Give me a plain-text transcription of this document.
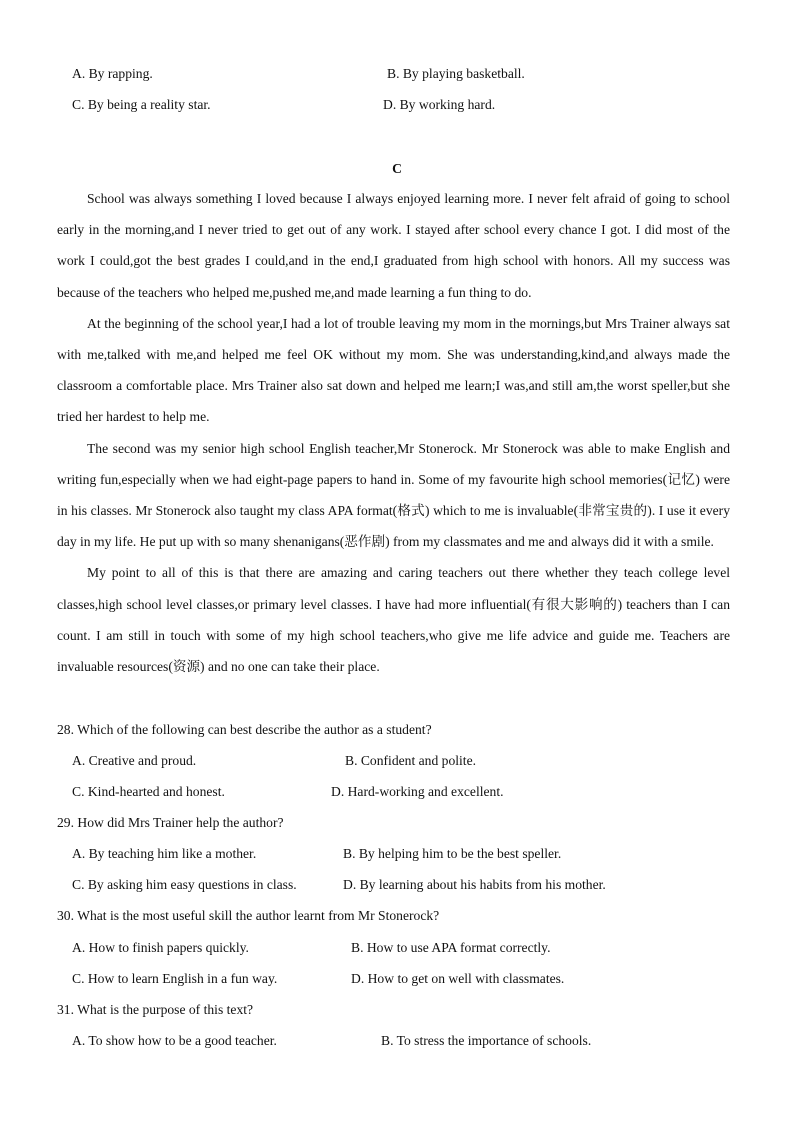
A. By rapping.	B. By playing basketball.
C. By being a reality star.	D. By working hard.
C

School was always something I loved because I always enjoyed learning more. I never felt afraid of going to school early in the morning,and I never tried to get out of any work. I stayed after school every chance I got. I did most of the work I could,got the best grades I could,and in the end,I graduated from high school with honors. All my success was because of the teachers who helped me,pushed me,and made learning a fun thing to do.

At the beginning of the school year,I had a lot of trouble leaving my mom in the mornings,but Mrs Trainer always sat with me,talked with me,and helped me feel OK without my mom. She was understanding,kind,and always made the classroom a comfortable place. Mrs Trainer also sat down and helped me learn;I was,and still am,the worst speller,but she tried her hardest to help me.

The second was my senior high school English teacher,Mr Stonerock. Mr Stonerock was able to make English and writing fun,especially when we had eight-page papers to hand in. Some of my favourite high school memories(记忆) were in his classes. Mr Stonerock also taught my class APA format(格式) which to me is invaluable(非常宝贵的). I use it every day in my life. He put up with so many shenanigans(恶作剧) from my classmates and me and always did it with a smile.

My point to all of this is that there are amazing and caring teachers out there whether they teach college level classes,high school level classes,or primary level classes. I have had more influential(有很大影响的) teachers than I can count. I am still in touch with some of my high school teachers,who give me life advice and guide me. Teachers are invaluable resources(资源) and no one can take their place.

28. Which of the following can best describe the author as a student?
A. Creative and proud.	B. Confident and polite.
C. Kind-hearted and honest.	D. Hard-working and excellent.
29. How did Mrs Trainer help the author?
A. By teaching him like a mother.	B. By helping him to be the best speller.
C. By asking him easy questions in class.	D. By learning about his habits from his mother.
30. What is the most useful skill the author learnt from Mr Stonerock?
A. How to finish papers quickly.	B. How to use APA format correctly.
C. How to learn English in a fun way.	D. How to get on well with classmates.
31. What is the purpose of this text?
A. To show how to be a good teacher.	B. To stress the importance of schools.
